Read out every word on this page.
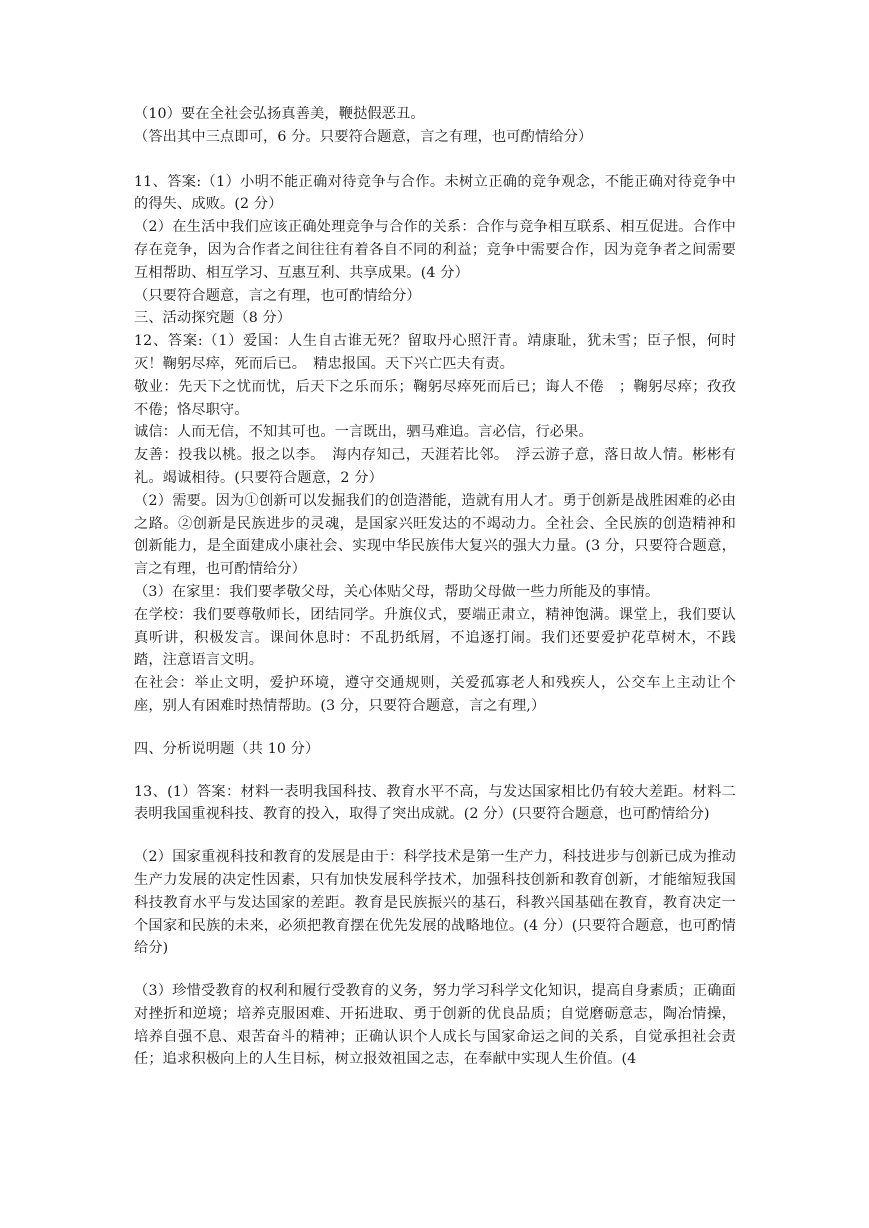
（10）要在全社会弘扬真善美，鞭挞假恶丑。

（答出其中三点即可，6 分。只要符合题意，言之有理，也可酌情给分）

11、答案:（1）小明不能正确对待竞争与合作。未树立正确的竞争观念，不能正确对待竞争中的得失、成败。(2 分）

（2）在生活中我们应该正确处理竞争与合作的关系：合作与竞争相互联系、相互促进。合作中存在竞争，因为合作者之间往往有着各自不同的利益；竞争中需要合作，因为竞争者之间需要互相帮助、相互学习、互惠互利、共享成果。(4 分）

（只要符合题意，言之有理，也可酌情给分）

三、活动探究题（8 分）

12、答案:（1）爱国：人生自古谁无死？留取丹心照汗青。靖康耻，犹未雪；臣子恨，何时灭！鞠躬尽瘁，死而后已。　精忠报国。天下兴亡匹夫有责。

敬业：先天下之忧而忧，后天下之乐而乐；鞠躬尽瘁死而后已；诲人不倦　；鞠躬尽瘁；孜孜不倦；恪尽职守。

诚信：人而无信，不知其可也。一言既出，驷马难追。言必信，行必果。

友善：投我以桃。报之以李。　海内存知己，天涯若比邻。　浮云游子意，落日故人情。彬彬有礼。竭诚相待。(只要符合题意，2 分）

（2）需要。因为①创新可以发掘我们的创造潜能，造就有用人才。勇于创新是战胜困难的必由之路。②创新是民族进步的灵魂，是国家兴旺发达的不竭动力。全社会、全民族的创造精神和创新能力，是全面建成小康社会、实现中华民族伟大复兴的强大力量。(3 分，只要符合题意，言之有理，也可酌情给分）

（3）在家里：我们要孝敬父母，关心体贴父母，帮助父母做一些力所能及的事情。

在学校：我们要尊敬师长，团结同学。升旗仪式，要端正肃立，精神饱满。课堂上，我们要认真听讲，积极发言。课间休息时：不乱扔纸屑，不追逐打闹。我们还要爱护花草树木，不践踏，注意语言文明。

在社会：举止文明，爱护环境，遵守交通规则，关爱孤寡老人和残疾人，公交车上主动让个座，别人有困难时热情帮助。(3 分，只要符合题意，言之有理,）

四、分析说明题（共 10 分）

13、(1）答案：材料一表明我国科技、教育水平不高，与发达国家相比仍有较大差距。材料二表明我国重视科技、教育的投入，取得了突出成就。(2 分）(只要符合题意，也可酌情给分)

（2）国家重视科技和教育的发展是由于：科学技术是第一生产力，科技进步与创新已成为推动生产力发展的决定性因素，只有加快发展科学技术，加强科技创新和教育创新，才能缩短我国科技教育水平与发达国家的差距。教育是民族振兴的基石，科教兴国基础在教育，教育决定一个国家和民族的未来，必须把教育摆在优先发展的战略地位。(4 分）(只要符合题意，也可酌情给分)

（3）珍惜受教育的权利和履行受教育的义务，努力学习科学文化知识，提高自身素质；正确面对挫折和逆境；培养克服困难、开拓进取、勇于创新的优良品质；自觉磨砺意志，陶冶情操，培养自强不息、艰苦奋斗的精神；正确认识个人成长与国家命运之间的关系，自觉承担社会责任；追求积极向上的人生目标，树立报效祖国之志，在奉献中实现人生价值。(4
